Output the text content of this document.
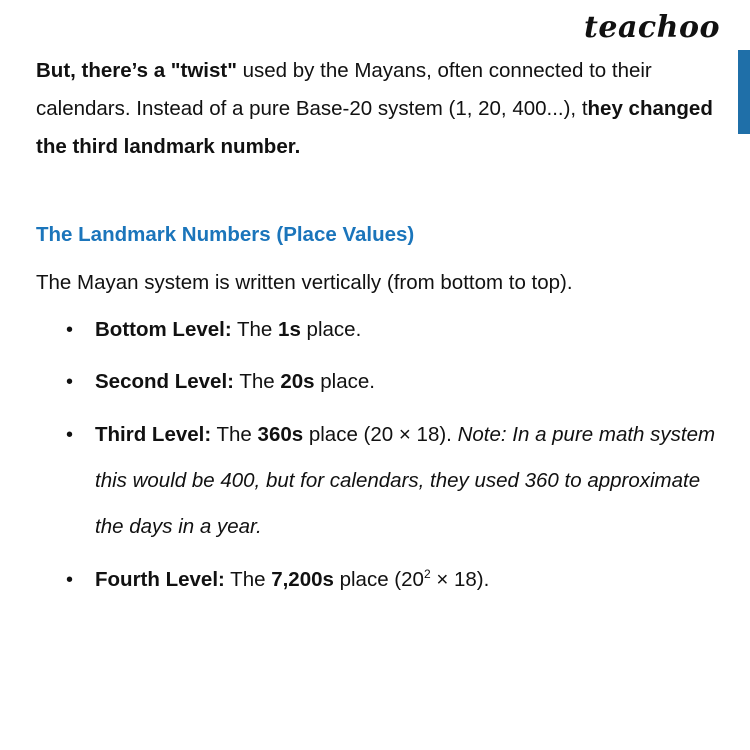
teachoo

But, there’s a "twist" used by the Mayans, often connected to their calendars. Instead of a pure Base-20 system (1, 20, 400...), they changed the third landmark number.

The Landmark Numbers (Place Values)

The Mayan system is written vertically (from bottom to top).

• Bottom Level: The 1s place.
• Second Level: The 20s place.
• Third Level: The 360s place (20 × 18). Note: In a pure math system this would be 400, but for calendars, they used 360 to approximate the days in a year.
• Fourth Level: The 7,200s place $(20^2 \times 18)$.
